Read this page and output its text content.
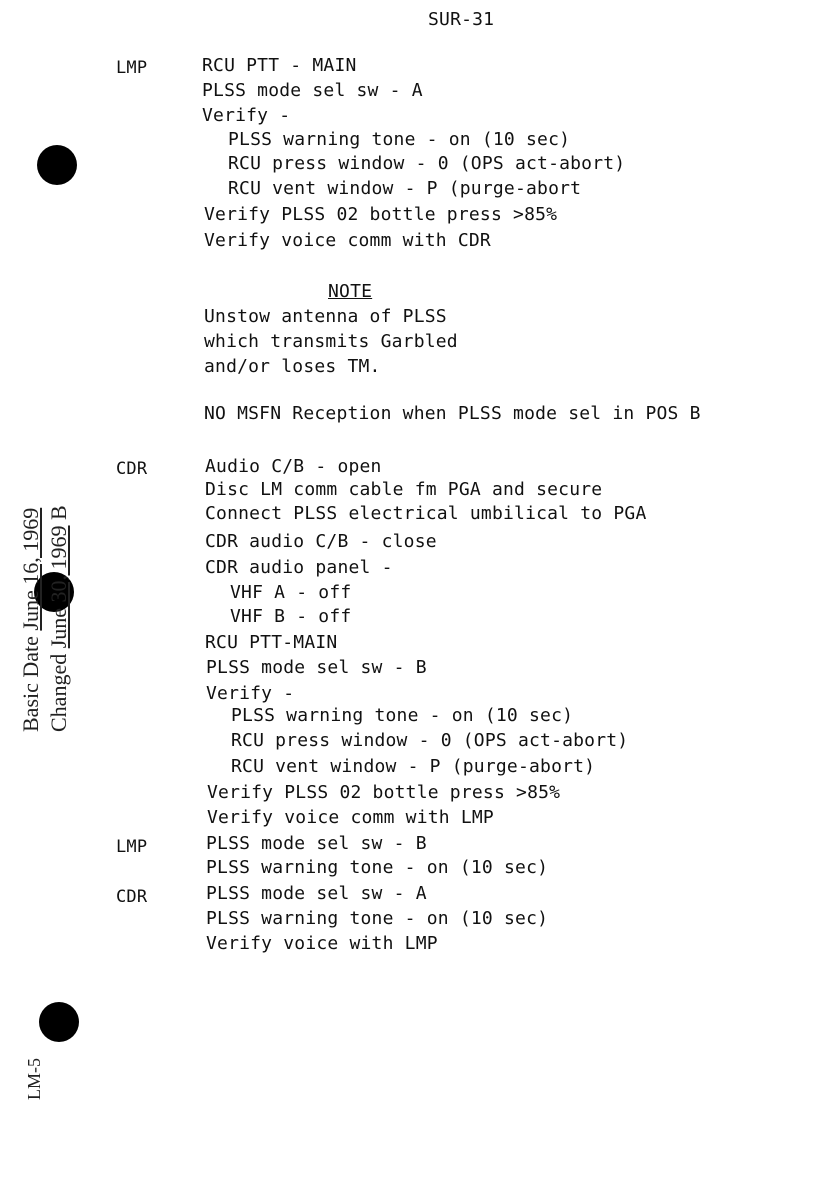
SUR-31
LMP	RCU PTT - MAIN
PLSS mode sel sw - A
Verify -
PLSS warning tone - on (10 sec)
RCU press window - 0 (OPS act-abort)
RCU vent window - P (purge-abort
Verify PLSS 02 bottle press >85%
Verify voice comm with CDR
NOTE
Unstow antenna of PLSS
which transmits Garbled
and/or loses TM.
NO MSFN Reception when PLSS mode sel in POS B
CDR	Audio C/B - open
Disc LM comm cable fm PGA and secure
Connect PLSS electrical umbilical to PGA
CDR audio C/B - close
CDR audio panel -
VHF A - off
VHF B - off
RCU PTT-MAIN
PLSS mode sel sw - B
Verify -
PLSS warning tone - on (10 sec)
RCU press window - 0 (OPS act-abort)
RCU vent window - P (purge-abort)
Verify PLSS 02 bottle press >85%
Verify voice comm with LMP
LMP	PLSS mode sel sw - B
PLSS warning tone - on (10 sec)
CDR	PLSS mode sel sw - A
PLSS warning tone - on (10 sec)
Verify voice with LMP
Basic Date June 16, 1969
Changed June 30, 1969 B
LM-5
